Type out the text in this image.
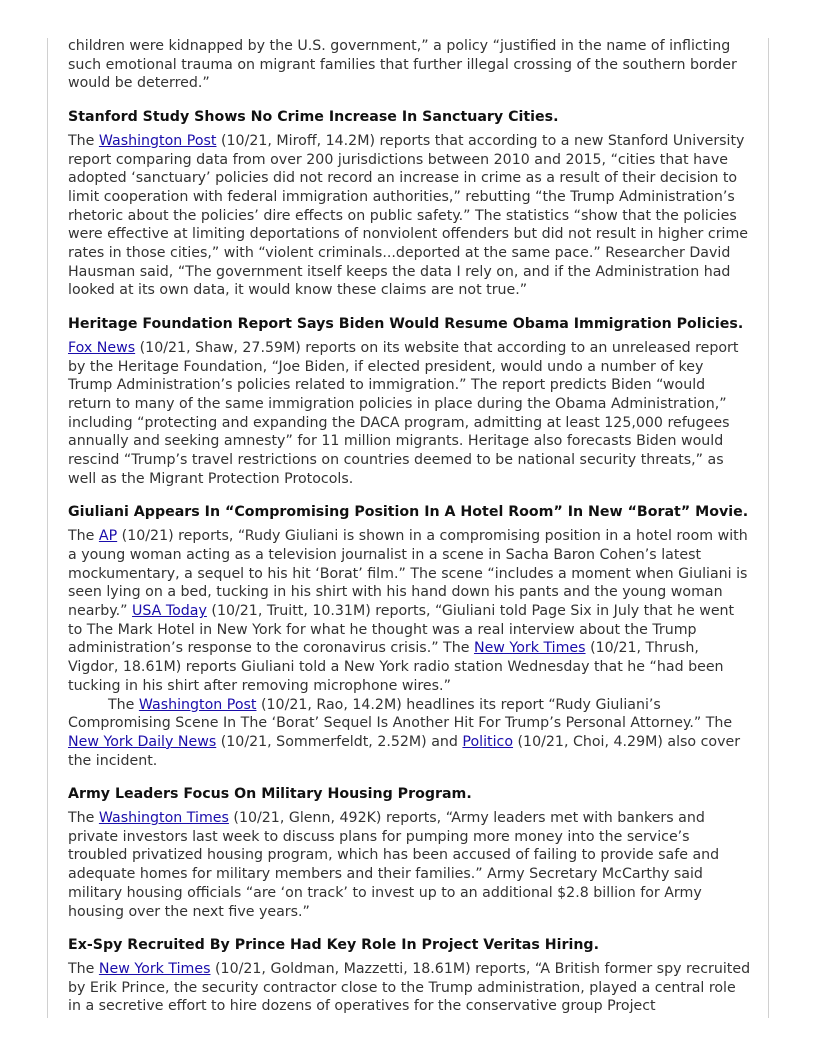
children were kidnapped by the U.S. government,” a policy “justified in the name of inflicting such emotional trauma on migrant families that further illegal crossing of the southern border would be deterred.”

Stanford Study Shows No Crime Increase In Sanctuary Cities.

The Washington Post (10/21, Miroff, 14.2M) reports that according to a new Stanford University report comparing data from over 200 jurisdictions between 2010 and 2015, “cities that have adopted ‘sanctuary’ policies did not record an increase in crime as a result of their decision to limit cooperation with federal immigration authorities,” rebutting “the Trump Administration’s rhetoric about the policies’ dire effects on public safety.” The statistics “show that the policies were effective at limiting deportations of nonviolent offenders but did not result in higher crime rates in those cities,” with “violent criminals...deported at the same pace.” Researcher David Hausman said, “The government itself keeps the data I rely on, and if the Administration had looked at its own data, it would know these claims are not true.”

Heritage Foundation Report Says Biden Would Resume Obama Immigration Policies.

Fox News (10/21, Shaw, 27.59M) reports on its website that according to an unreleased report by the Heritage Foundation, “Joe Biden, if elected president, would undo a number of key Trump Administration’s policies related to immigration.” The report predicts Biden “would return to many of the same immigration policies in place during the Obama Administration,” including “protecting and expanding the DACA program, admitting at least 125,000 refugees annually and seeking amnesty” for 11 million migrants. Heritage also forecasts Biden would rescind “Trump’s travel restrictions on countries deemed to be national security threats,” as well as the Migrant Protection Protocols.

Giuliani Appears In “Compromising Position In A Hotel Room” In New “Borat” Movie.

The AP (10/21) reports, “Rudy Giuliani is shown in a compromising position in a hotel room with a young woman acting as a television journalist in a scene in Sacha Baron Cohen’s latest mockumentary, a sequel to his hit ‘Borat’ film.” The scene “includes a moment when Giuliani is seen lying on a bed, tucking in his shirt with his hand down his pants and the young woman nearby.” USA Today (10/21, Truitt, 10.31M) reports, “Giuliani told Page Six in July that he went to The Mark Hotel in New York for what he thought was a real interview about the Trump administration’s response to the coronavirus crisis.” The New York Times (10/21, Thrush, Vigdor, 18.61M) reports Giuliani told a New York radio station Wednesday that he “had been tucking in his shirt after removing microphone wires.”

The Washington Post (10/21, Rao, 14.2M) headlines its report “Rudy Giuliani’s Compromising Scene In The ‘Borat’ Sequel Is Another Hit For Trump’s Personal Attorney.” The New York Daily News (10/21, Sommerfeldt, 2.52M) and Politico (10/21, Choi, 4.29M) also cover the incident.

Army Leaders Focus On Military Housing Program.

The Washington Times (10/21, Glenn, 492K) reports, “Army leaders met with bankers and private investors last week to discuss plans for pumping more money into the service’s troubled privatized housing program, which has been accused of failing to provide safe and adequate homes for military members and their families.” Army Secretary McCarthy said military housing officials “are ‘on track’ to invest up to an additional $2.8 billion for Army housing over the next five years.”

Ex-Spy Recruited By Prince Had Key Role In Project Veritas Hiring.

The New York Times (10/21, Goldman, Mazzetti, 18.61M) reports, “A British former spy recruited by Erik Prince, the security contractor close to the Trump administration, played a central role in a secretive effort to hire dozens of operatives for the conservative group Project
